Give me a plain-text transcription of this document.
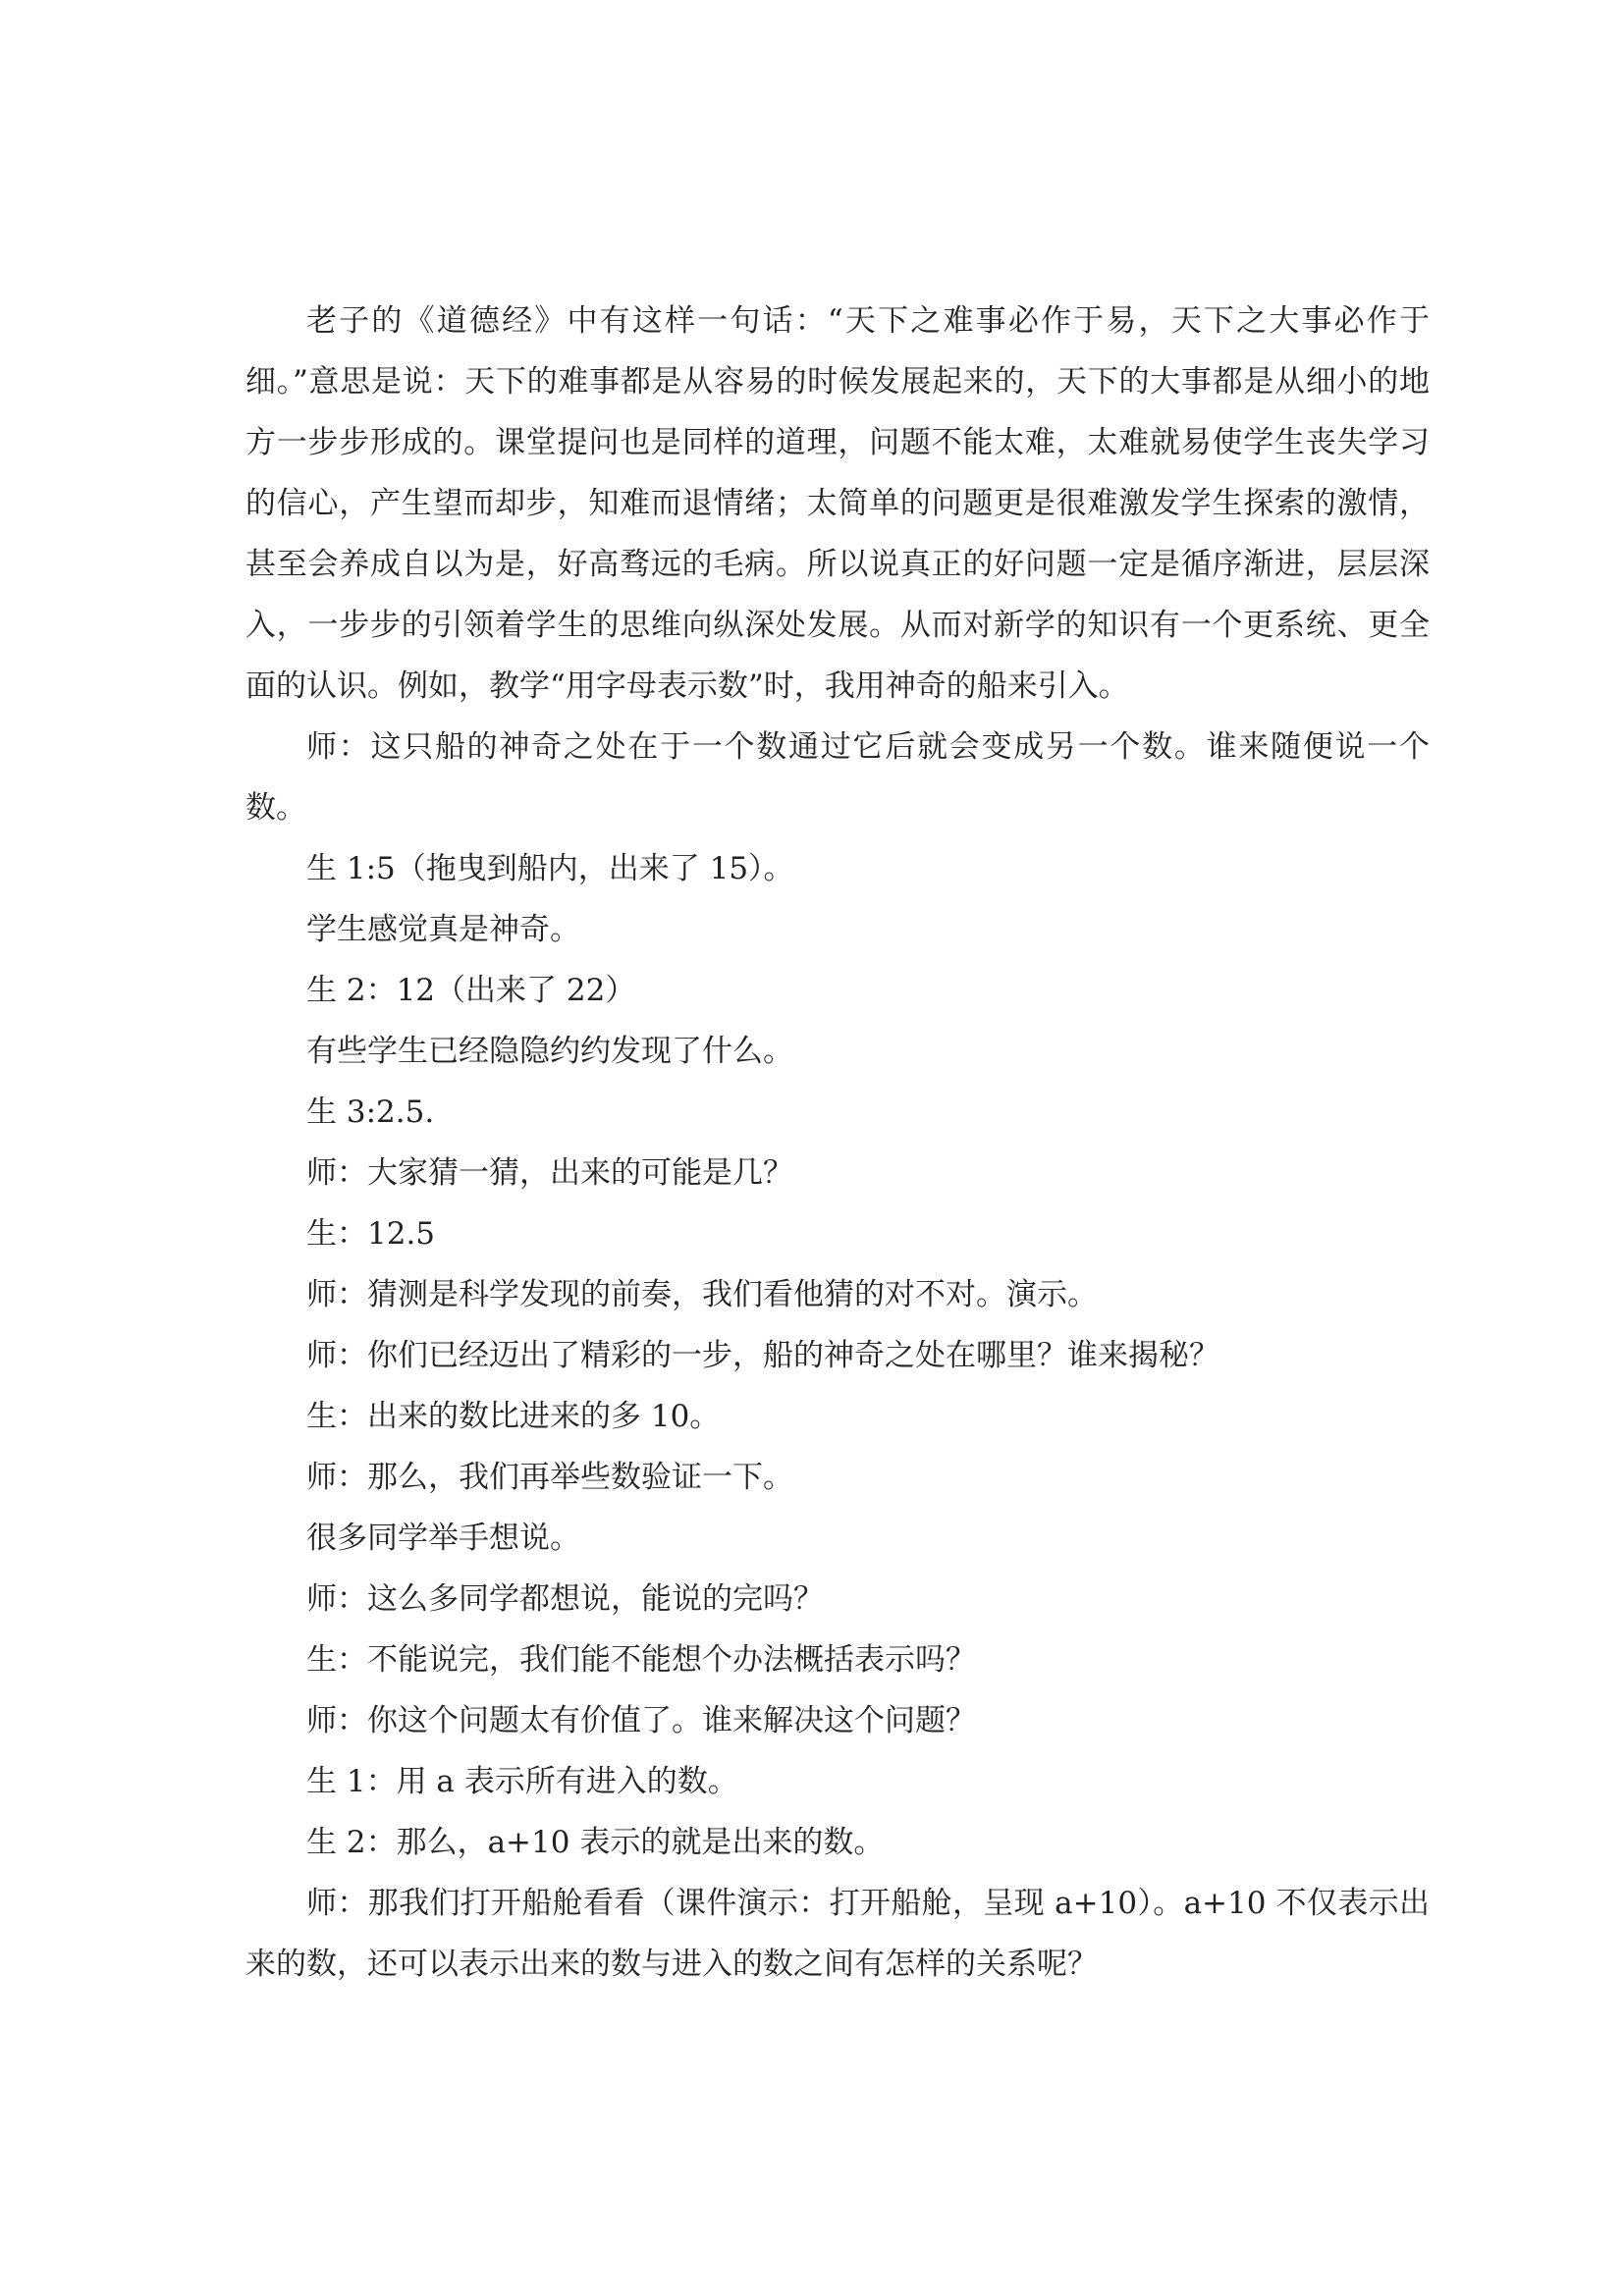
老子的《道德经》中有这样一句话：“天下之难事必作于易，天下之大事必作于细。”意思是说：天下的难事都是从容易的时候发展起来的，天下的大事都是从细小的地方一步步形成的。课堂提问也是同样的道理，问题不能太难，太难就易使学生丧失学习的信心，产生望而却步，知难而退情绪；太简单的问题更是很难激发学生探索的激情，甚至会养成自以为是，好高骛远的毛病。所以说真正的好问题一定是循序渐进，层层深入，一步步的引领着学生的思维向纵深处发展。从而对新学的知识有一个更系统、更全面的认识。例如，教学“用字母表示数”时，我用神奇的船来引入。

师：这只船的神奇之处在于一个数通过它后就会变成另一个数。谁来随便说一个数。

生 1:5（拖曳到船内，出来了 15）。

学生感觉真是神奇。

生 2：12（出来了 22）

有些学生已经隐隐约约发现了什么。

生 3:2.5.

师：大家猜一猜，出来的可能是几？

生：12.5

师：猜测是科学发现的前奏，我们看他猜的对不对。演示。

师：你们已经迈出了精彩的一步，船的神奇之处在哪里？谁来揭秘？

生：出来的数比进来的多 10。

师：那么，我们再举些数验证一下。

很多同学举手想说。

师：这么多同学都想说，能说的完吗？

生：不能说完，我们能不能想个办法概括表示吗？

师：你这个问题太有价值了。谁来解决这个问题？

生 1：用 a 表示所有进入的数。

生 2：那么，a+10 表示的就是出来的数。

师：那我们打开船舱看看（课件演示：打开船舱，呈现 a+10）。a+10 不仅表示出来的数，还可以表示出来的数与进入的数之间有怎样的关系呢？
